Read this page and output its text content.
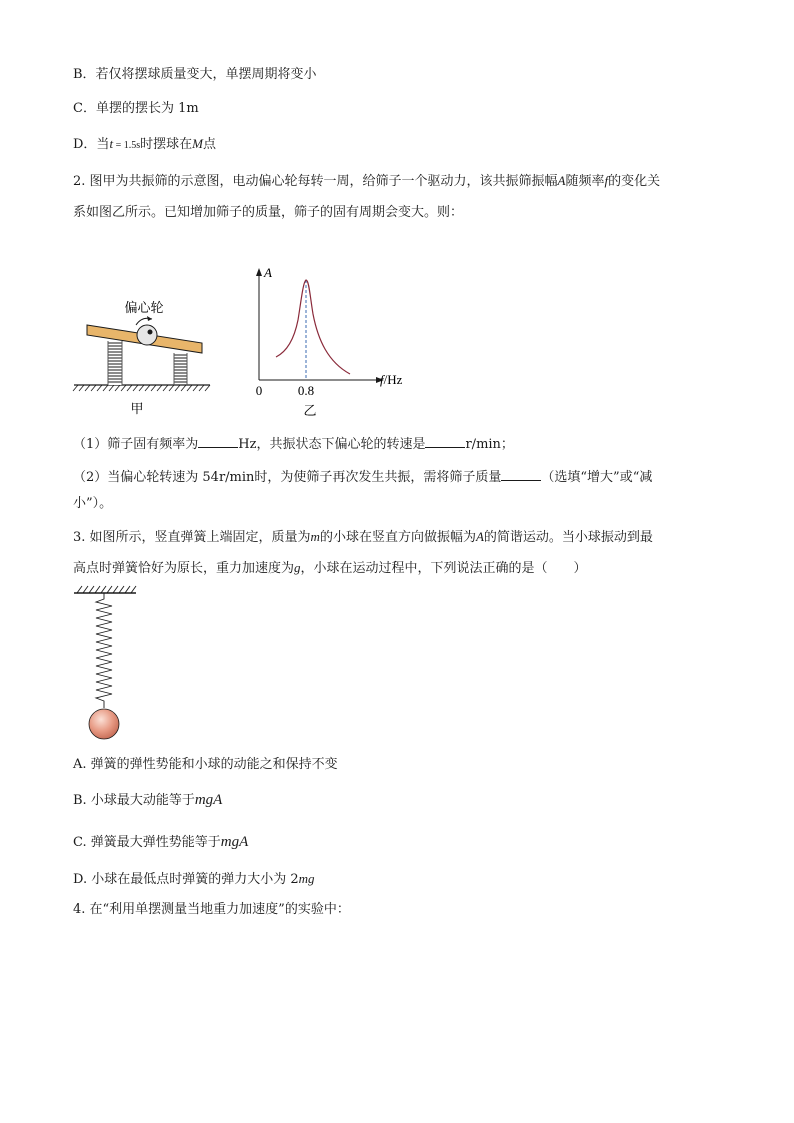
B．若仅将摆球质量变大，单摆周期将变小
C．单摆的摆长为 1m
D．当t = 1.5s时摆球在M点
2. 图甲为共振筛的示意图，电动偏心轮每转一周，给筛子一个驱动力，该共振筛振幅A随频率f的变化关
系如图乙所示。已知增加筛子的质量，筛子的固有周期会变大。则：
偏心轮
甲
A
f/Hz
0	0.8
乙
（1）筛子固有频率为	Hz，共振状态下偏心轮的转速是	r/min；
（2）当偏心轮转速为 54r/min时，为使筛子再次发生共振，需将筛子质量	（选填“增大”或“减
小”）。
3. 如图所示，竖直弹簧上端固定，质量为m的小球在竖直方向做振幅为A的简谐运动。当小球振动到最
高点时弹簧恰好为原长，重力加速度为g，小球在运动过程中，下列说法正确的是（　　）
A. 弹簧的弹性势能和小球的动能之和保持不变
B. 小球最大动能等于mgA
C. 弹簧最大弹性势能等于mgA
D. 小球在最低点时弹簧的弹力大小为 2mg
4. 在“利用单摆测量当地重力加速度”的实验中：
